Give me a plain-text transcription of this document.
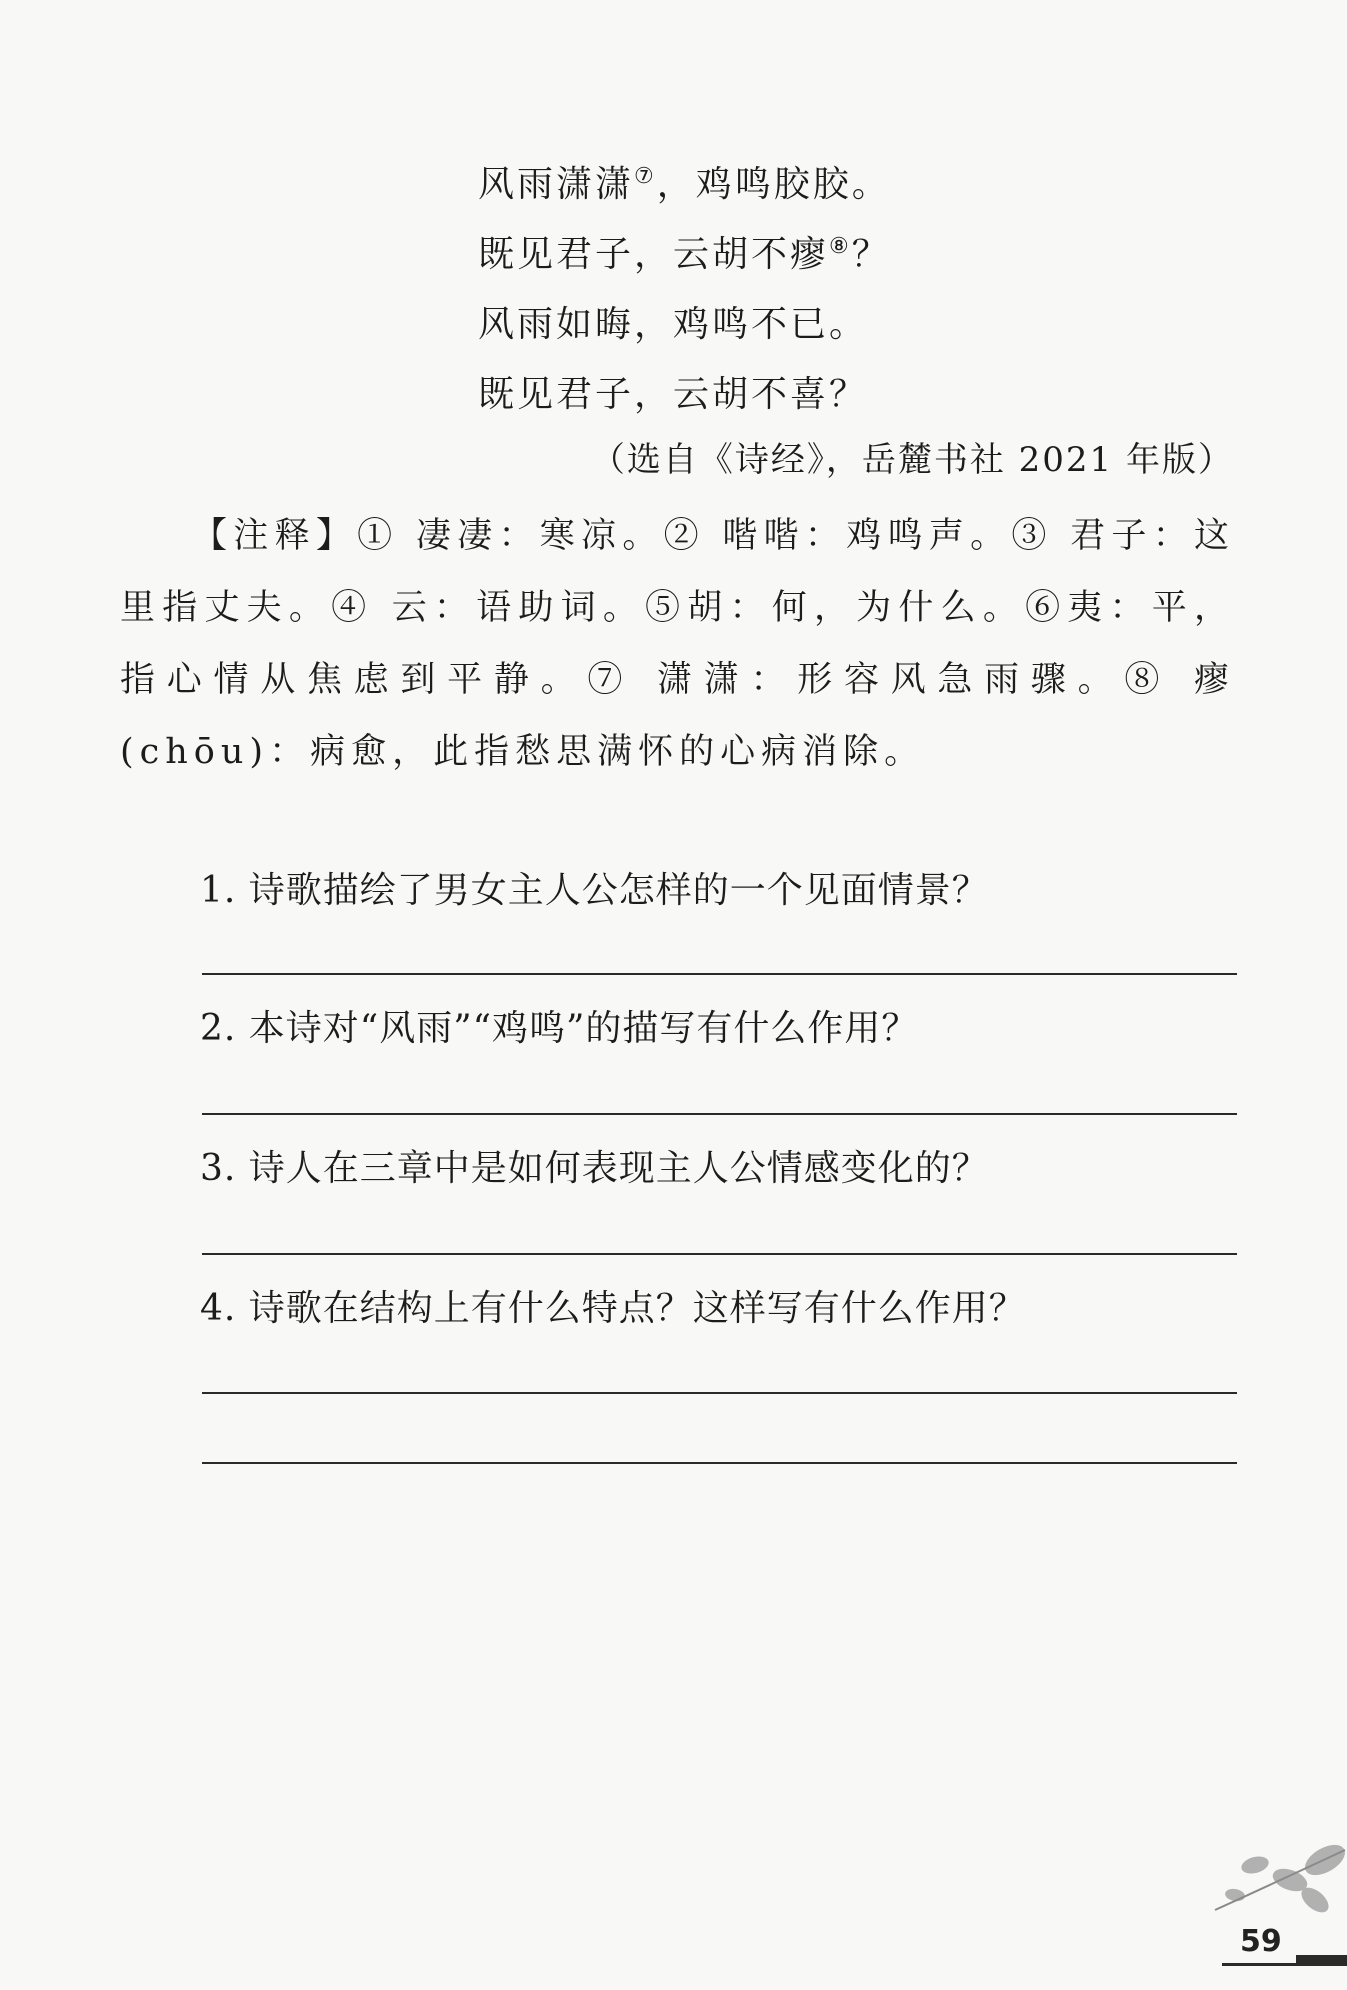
风雨潇潇⑦，鸡鸣胶胶。
既见君子，云胡不瘳⑧？
风雨如晦，鸡鸣不已。
既见君子，云胡不喜？
（选自《诗经》，岳麓书社 2021 年版）
【注释】① 凄凄：寒凉。② 喈喈：鸡鸣声。③ 君子：这里指丈夫。④ 云：语助词。⑤胡：何，为什么。⑥夷：平，指心情从焦虑到平静。⑦ 潇潇：形容风急雨骤。⑧ 瘳(chōu)：病愈，此指愁思满怀的心病消除。
1. 诗歌描绘了男女主人公怎样的一个见面情景？
2. 本诗对“风雨”“鸡鸣”的描写有什么作用？
3. 诗人在三章中是如何表现主人公情感变化的？
4. 诗歌在结构上有什么特点？这样写有什么作用？
59
